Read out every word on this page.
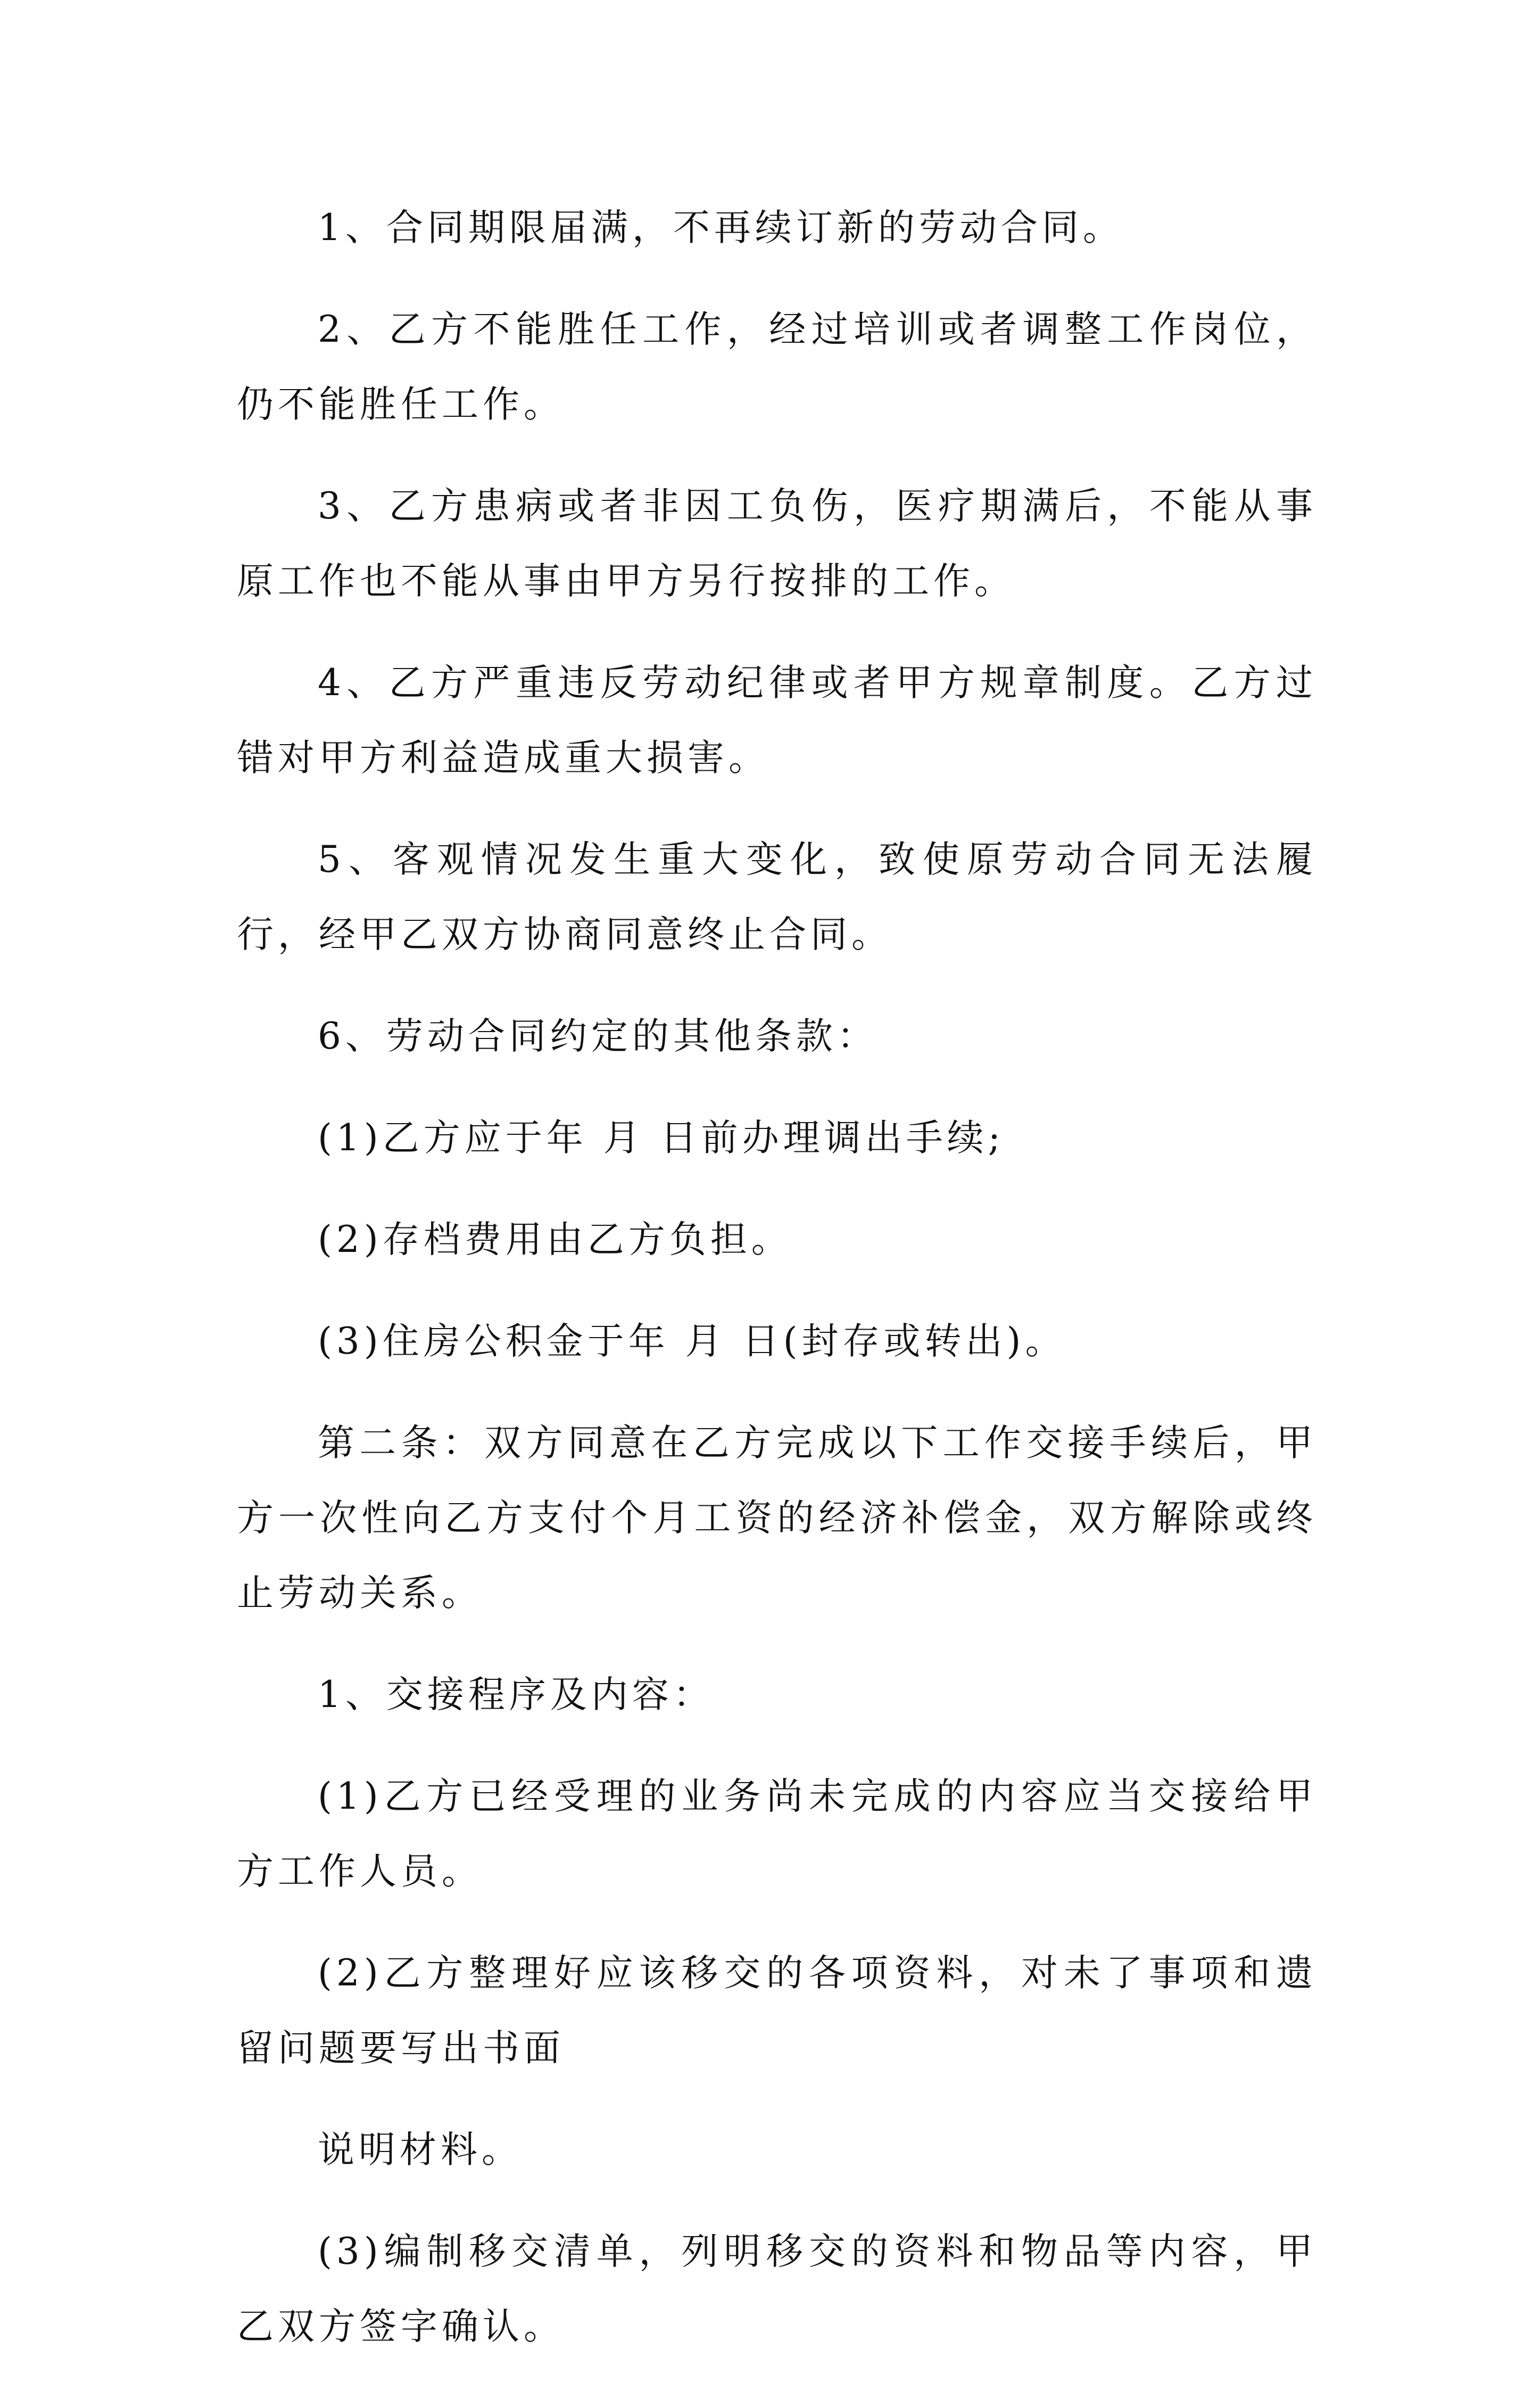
1、合同期限届满，不再续订新的劳动合同。

2、乙方不能胜任工作，经过培训或者调整工作岗位，仍不能胜任工作。

3、乙方患病或者非因工负伤，医疗期满后，不能从事原工作也不能从事由甲方另行按排的工作。

4、乙方严重违反劳动纪律或者甲方规章制度。乙方过错对甲方利益造成重大损害。

5、客观情况发生重大变化，致使原劳动合同无法履行，经甲乙双方协商同意终止合同。

6、劳动合同约定的其他条款：

(1)乙方应于年 月 日前办理调出手续;

(2)存档费用由乙方负担。

(3)住房公积金于年 月 日(封存或转出)。

第二条：双方同意在乙方完成以下工作交接手续后，甲方一次性向乙方支付个月工资的经济补偿金，双方解除或终止劳动关系。

1、交接程序及内容：

(1)乙方已经受理的业务尚未完成的内容应当交接给甲方工作人员。

(2)乙方整理好应该移交的各项资料，对未了事项和遗留问题要写出书面

说明材料。

(3)编制移交清单，列明移交的资料和物品等内容，甲乙双方签字确认。
